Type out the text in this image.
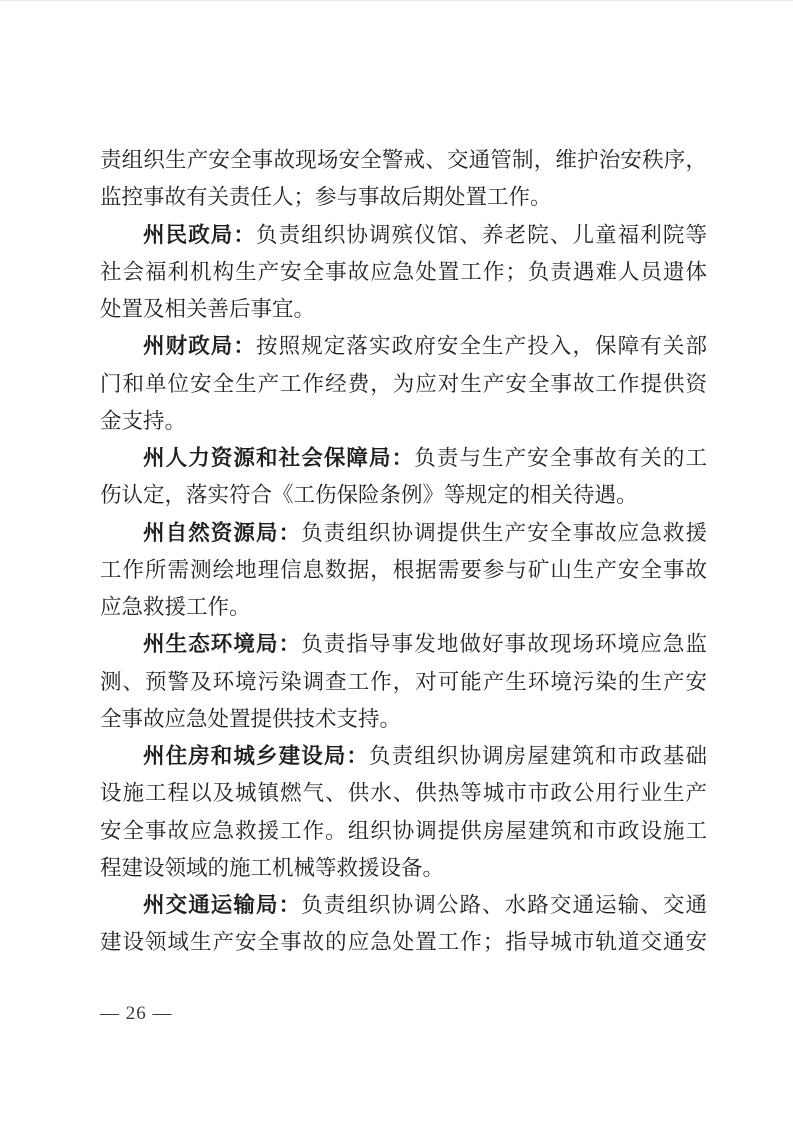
责组织生产安全事故现场安全警戒、交通管制，维护治安秩序，
监控事故有关责任人；参与事故后期处置工作。
州民政局：负责组织协调殡仪馆、养老院、儿童福利院等
社会福利机构生产安全事故应急处置工作；负责遇难人员遗体
处置及相关善后事宜。
州财政局：按照规定落实政府安全生产投入，保障有关部
门和单位安全生产工作经费，为应对生产安全事故工作提供资
金支持。
州人力资源和社会保障局：负责与生产安全事故有关的工
伤认定，落实符合《工伤保险条例》等规定的相关待遇。
州自然资源局：负责组织协调提供生产安全事故应急救援
工作所需测绘地理信息数据，根据需要参与矿山生产安全事故
应急救援工作。
州生态环境局：负责指导事发地做好事故现场环境应急监
测、预警及环境污染调查工作，对可能产生环境污染的生产安
全事故应急处置提供技术支持。
州住房和城乡建设局：负责组织协调房屋建筑和市政基础
设施工程以及城镇燃气、供水、供热等城市市政公用行业生产
安全事故应急救援工作。组织协调提供房屋建筑和市政设施工
程建设领域的施工机械等救援设备。
州交通运输局：负责组织协调公路、水路交通运输、交通
建设领域生产安全事故的应急处置工作；指导城市轨道交通安
— 26 —
